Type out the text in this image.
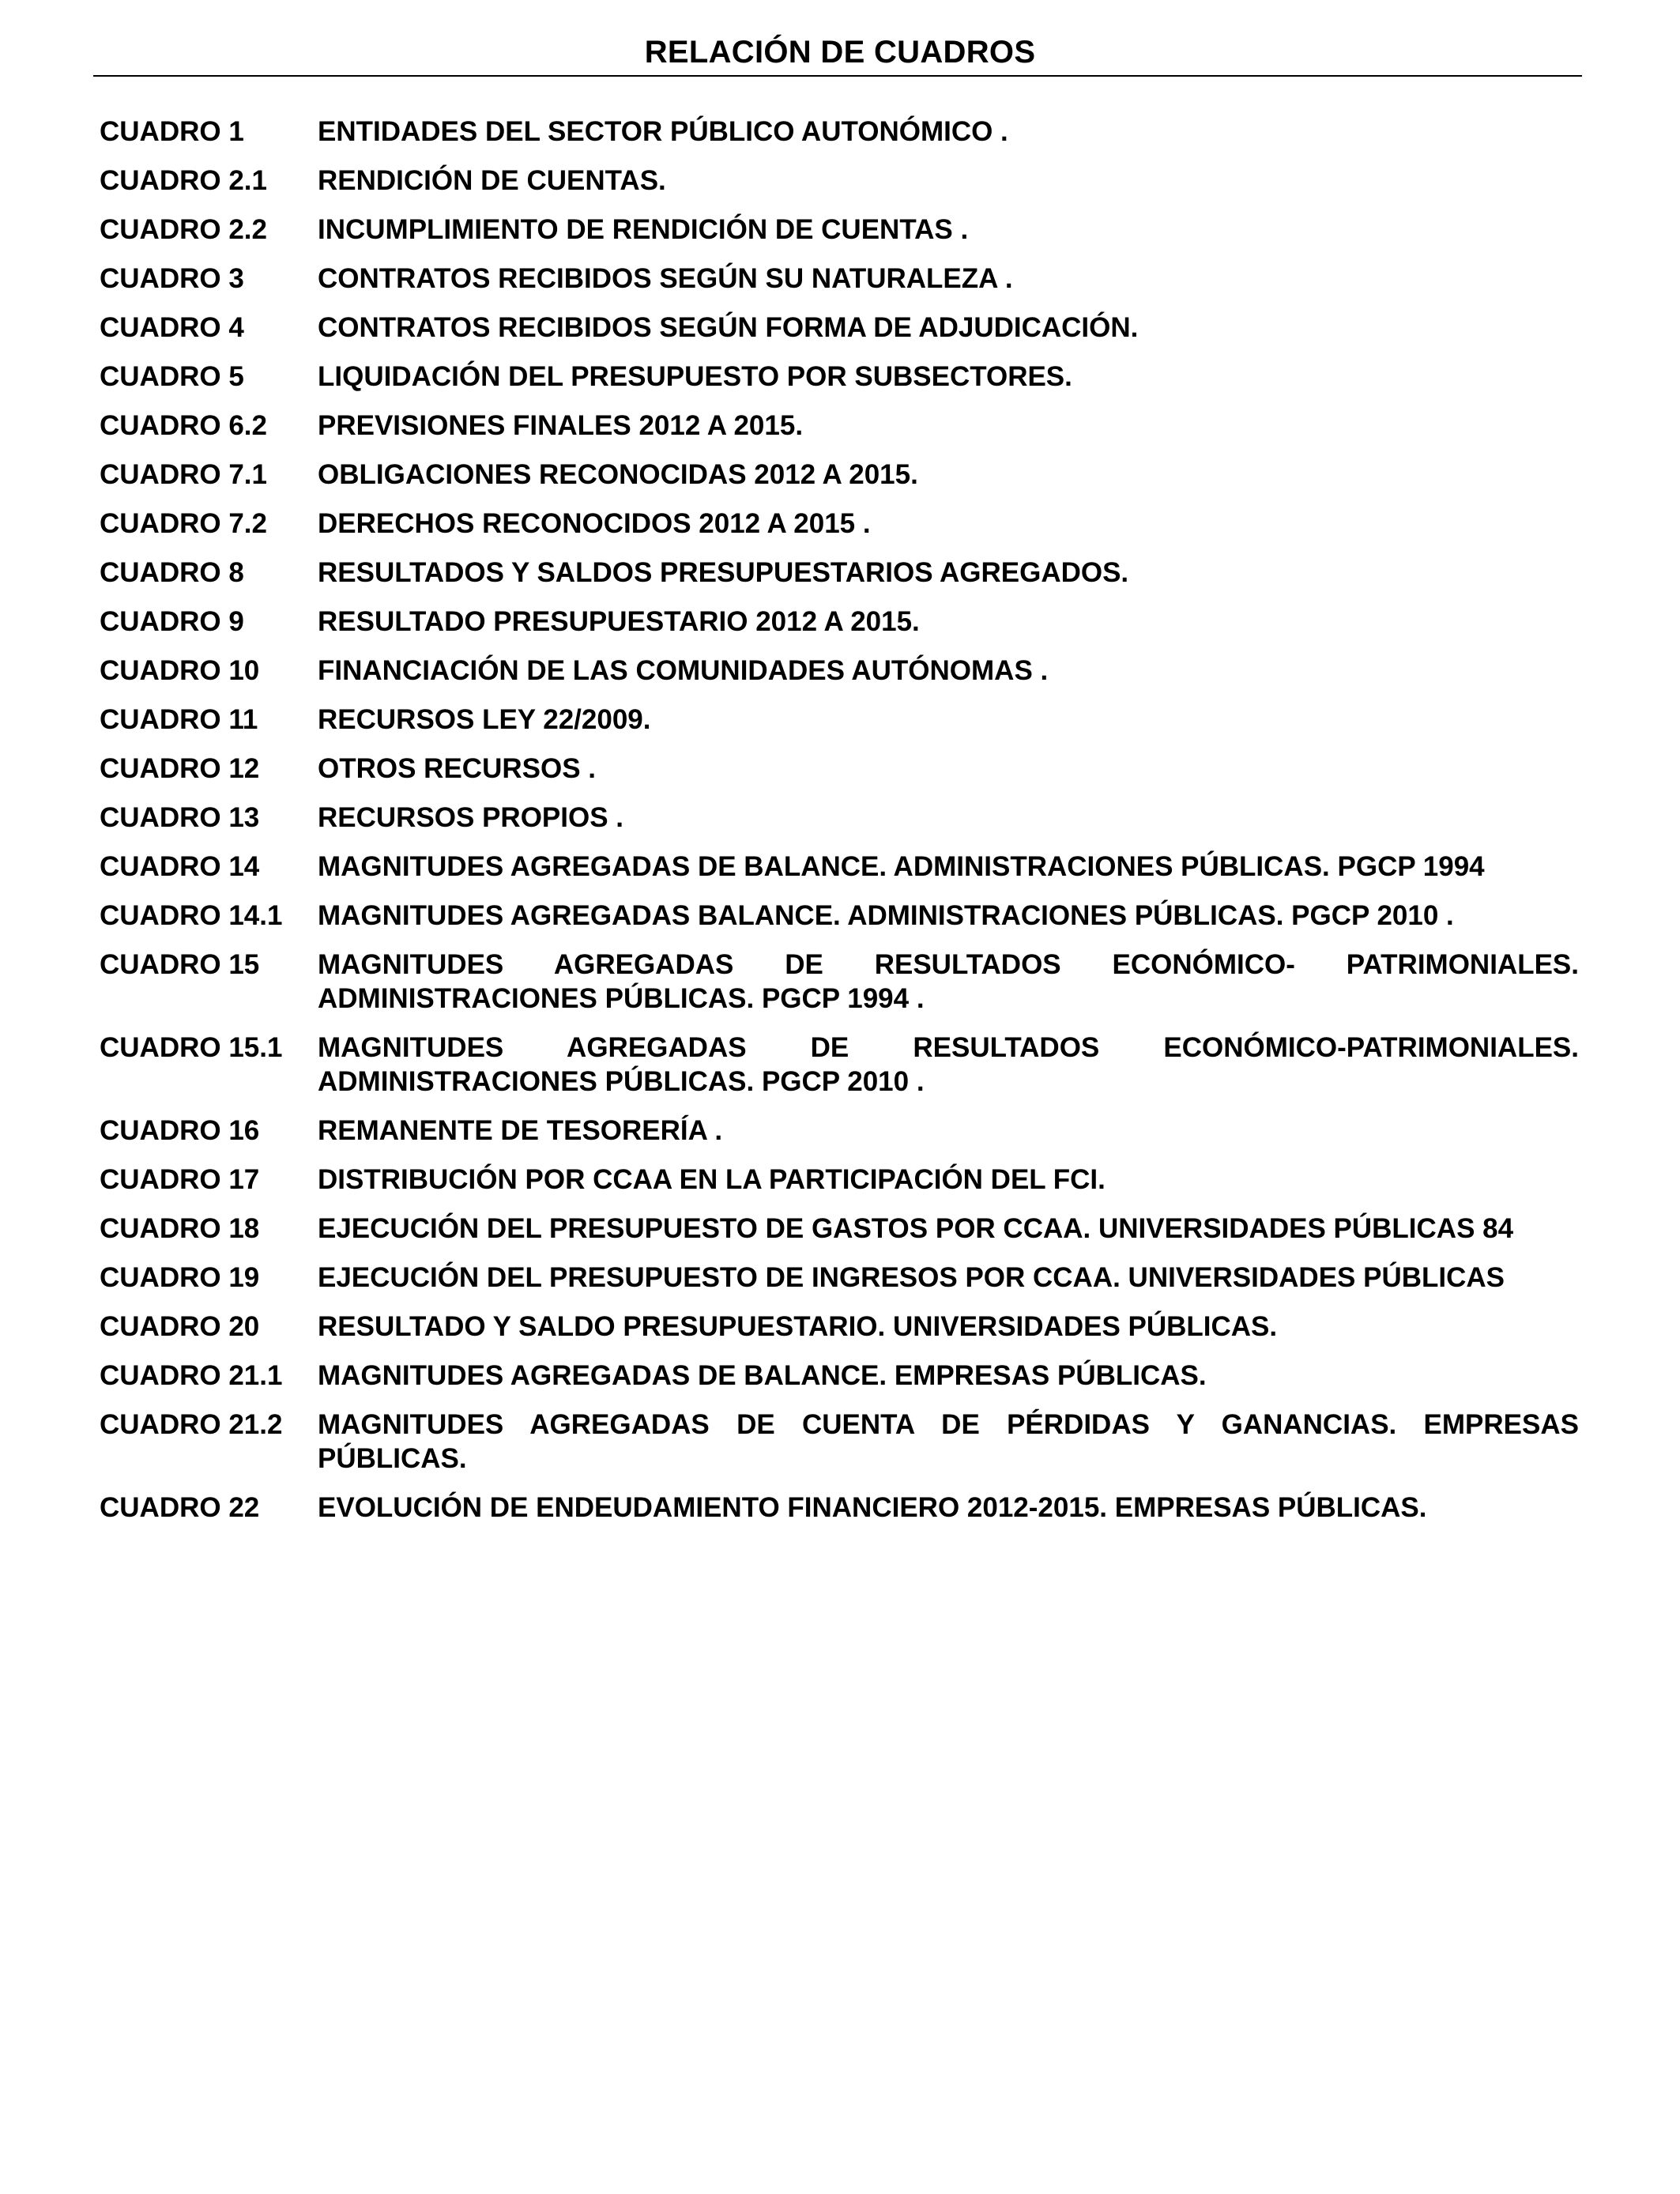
RELACIÓN DE CUADROS
CUADRO 1	ENTIDADES DEL SECTOR PÚBLICO AUTONÓMICO .
CUADRO 2.1	RENDICIÓN DE CUENTAS.
CUADRO 2.2	INCUMPLIMIENTO DE RENDICIÓN DE CUENTAS .
CUADRO 3	CONTRATOS RECIBIDOS SEGÚN SU NATURALEZA .
CUADRO 4	CONTRATOS RECIBIDOS SEGÚN FORMA DE ADJUDICACIÓN.
CUADRO 5	LIQUIDACIÓN DEL PRESUPUESTO POR SUBSECTORES.
CUADRO 6.2	PREVISIONES FINALES 2012 A 2015.
CUADRO 7.1	OBLIGACIONES RECONOCIDAS 2012 A 2015.
CUADRO 7.2	DERECHOS RECONOCIDOS 2012 A 2015 .
CUADRO 8	RESULTADOS Y SALDOS PRESUPUESTARIOS AGREGADOS.
CUADRO 9	RESULTADO PRESUPUESTARIO 2012 A 2015.
CUADRO 10	FINANCIACIÓN DE LAS COMUNIDADES AUTÓNOMAS .
CUADRO 11	RECURSOS LEY 22/2009.
CUADRO 12	OTROS RECURSOS .
CUADRO 13	RECURSOS PROPIOS .
CUADRO 14	MAGNITUDES AGREGADAS DE BALANCE. ADMINISTRACIONES PÚBLICAS. PGCP 1994
CUADRO 14.1	MAGNITUDES AGREGADAS BALANCE. ADMINISTRACIONES PÚBLICAS. PGCP 2010 .
CUADRO 15	MAGNITUDES AGREGADAS DE RESULTADOS ECONÓMICO- PATRIMONIALES. ADMINISTRACIONES PÚBLICAS. PGCP 1994 .
CUADRO 15.1	MAGNITUDES AGREGADAS DE RESULTADOS ECONÓMICO-PATRIMONIALES. ADMINISTRACIONES PÚBLICAS. PGCP 2010 .
CUADRO 16	REMANENTE DE TESORERÍA .
CUADRO 17	DISTRIBUCIÓN POR CCAA EN LA PARTICIPACIÓN DEL FCI.
CUADRO 18	EJECUCIÓN DEL PRESUPUESTO DE GASTOS POR CCAA. UNIVERSIDADES PÚBLICAS 84
CUADRO 19	EJECUCIÓN DEL PRESUPUESTO DE INGRESOS POR CCAA. UNIVERSIDADES PÚBLICAS
CUADRO 20	RESULTADO Y SALDO PRESUPUESTARIO. UNIVERSIDADES PÚBLICAS.
CUADRO 21.1	MAGNITUDES AGREGADAS DE BALANCE. EMPRESAS PÚBLICAS.
CUADRO 21.2	MAGNITUDES AGREGADAS DE CUENTA DE PÉRDIDAS Y GANANCIAS. EMPRESAS PÚBLICAS.
CUADRO 22	EVOLUCIÓN DE ENDEUDAMIENTO FINANCIERO 2012-2015. EMPRESAS PÚBLICAS.
